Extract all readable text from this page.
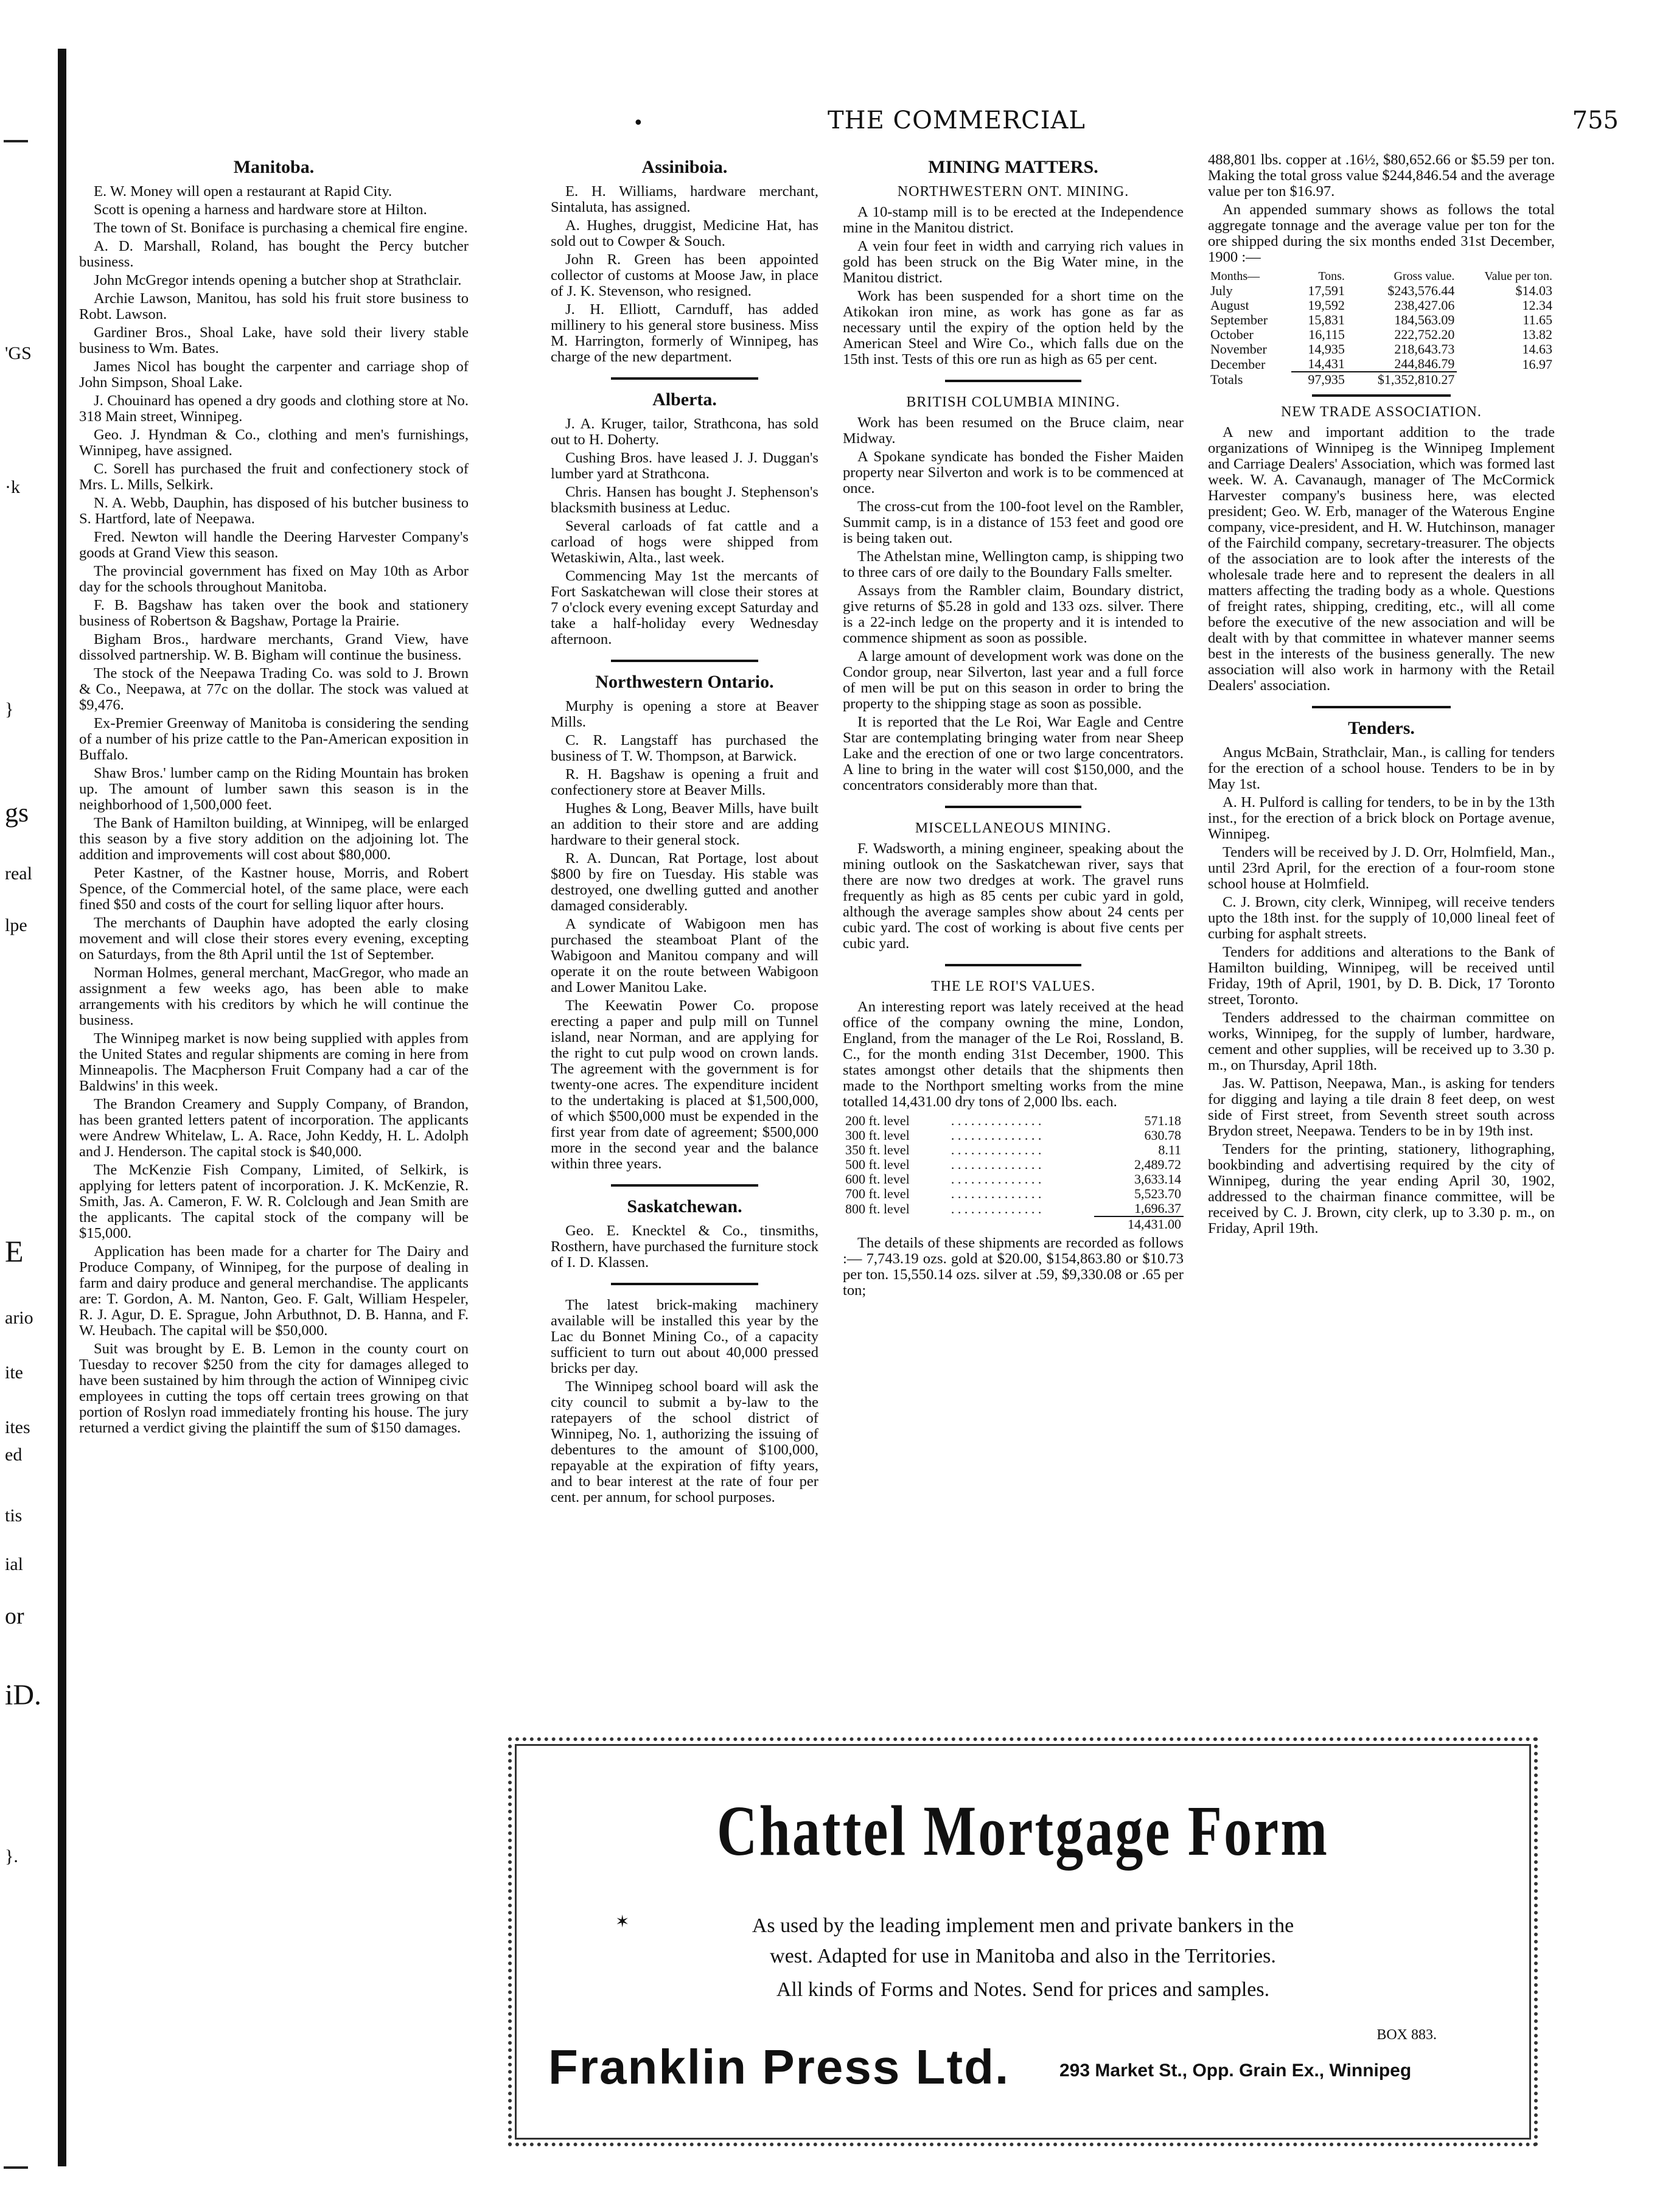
'GS
·k
}
gs
real
lpe
E
ario
ite
ites
ed
tis
ial
or
iD.
}.
•	THE COMMERCIAL	755
Manitoba.
E. W. Money will open a restaurant at Rapid City.
Scott is opening a harness and hardware store at Hilton.
The town of St. Boniface is purchasing a chemical fire engine.
A. D. Marshall, Roland, has bought the Percy butcher business.
John McGregor intends opening a butcher shop at Strathclair.
Archie Lawson, Manitou, has sold his fruit store business to Robt. Lawson.
Gardiner Bros., Shoal Lake, have sold their livery stable business to Wm. Bates.
James Nicol has bought the carpenter and carriage shop of John Simpson, Shoal Lake.
J. Chouinard has opened a dry goods and clothing store at No. 318 Main street, Winnipeg.
Geo. J. Hyndman & Co., clothing and men's furnishings, Winnipeg, have assigned.
C. Sorell has purchased the fruit and confectionery stock of Mrs. L. Mills, Selkirk.
N. A. Webb, Dauphin, has disposed of his butcher business to S. Hartford, late of Neepawa.
Fred. Newton will handle the Deering Harvester Company's goods at Grand View this season.
The provincial government has fixed on May 10th as Arbor day for the schools throughout Manitoba.
F. B. Bagshaw has taken over the book and stationery business of Robertson & Bagshaw, Portage la Prairie.
Bigham Bros., hardware merchants, Grand View, have dissolved partnership. W. B. Bigham will continue the business.
The stock of the Neepawa Trading Co. was sold to J. Brown & Co., Neepawa, at 77c on the dollar. The stock was valued at $9,476.
Ex-Premier Greenway of Manitoba is considering the sending of a number of his prize cattle to the Pan-American exposition in Buffalo.
Shaw Bros.' lumber camp on the Riding Mountain has broken up. The amount of lumber sawn this season is in the neighborhood of 1,500,000 feet.
The Bank of Hamilton building, at Winnipeg, will be enlarged this season by a five story addition on the adjoining lot. The addition and improvements will cost about $80,000.
Peter Kastner, of the Kastner house, Morris, and Robert Spence, of the Commercial hotel, of the same place, were each fined $50 and costs of the court for selling liquor after hours.
The merchants of Dauphin have adopted the early closing movement and will close their stores every evening, excepting on Saturdays, from the 8th April until the 1st of September.
Norman Holmes, general merchant, MacGregor, who made an assignment a few weeks ago, has been able to make arrangements with his creditors by which he will continue the business.
The Winnipeg market is now being supplied with apples from the United States and regular shipments are coming in here from Minneapolis. The Macpherson Fruit Company had a car of the Baldwins' in this week.
The Brandon Creamery and Supply Company, of Brandon, has been granted letters patent of incorporation. The applicants were Andrew Whitelaw, L. A. Race, John Keddy, H. L. Adolph and J. Henderson. The capital stock is $40,000.
The McKenzie Fish Company, Limited, of Selkirk, is applying for letters patent of incorporation. J. K. McKenzie, R. Smith, Jas. A. Cameron, F. W. R. Colclough and Jean Smith are the applicants. The capital stock of the company will be $15,000.
Application has been made for a charter for The Dairy and Produce Company, of Winnipeg, for the purpose of dealing in farm and dairy produce and general merchandise. The applicants are: T. Gordon, A. M. Nanton, Geo. F. Galt, William Hespeler, R. J. Agur, D. E. Sprague, John Arbuthnot, D. B. Hanna, and F. W. Heubach. The capital will be $50,000.
Suit was brought by E. B. Lemon in the county court on Tuesday to recover $250 from the city for damages alleged to have been sustained by him through the action of Winnipeg civic employees in cutting the tops off certain trees growing on that portion of Roslyn road immediately fronting his house. The jury returned a verdict giving the plaintiff the sum of $150 damages.
Assiniboia.
E. H. Williams, hardware merchant, Sintaluta, has assigned.
A. Hughes, druggist, Medicine Hat, has sold out to Cowper & Souch.
John R. Green has been appointed collector of customs at Moose Jaw, in place of J. K. Stevenson, who resigned.
J. H. Elliott, Carnduff, has added millinery to his general store business. Miss M. Harrington, formerly of Winnipeg, has charge of the new department.
Alberta.
J. A. Kruger, tailor, Strathcona, has sold out to H. Doherty.
Cushing Bros. have leased J. J. Duggan's lumber yard at Strathcona.
Chris. Hansen has bought J. Stephenson's blacksmith business at Leduc.
Several carloads of fat cattle and a carload of hogs were shipped from Wetaskiwin, Alta., last week.
Commencing May 1st the mercants of Fort Saskatchewan will close their stores at 7 o'clock every evening except Saturday and take a half-holiday every Wednesday afternoon.
Northwestern Ontario.
Murphy is opening a store at Beaver Mills.
C. R. Langstaff has purchased the business of T. W. Thompson, at Barwick.
R. H. Bagshaw is opening a fruit and confectionery store at Beaver Mills.
Hughes & Long, Beaver Mills, have built an addition to their store and are adding hardware to their general stock.
R. A. Duncan, Rat Portage, lost about $800 by fire on Tuesday. His stable was destroyed, one dwelling gutted and another damaged considerably.
A syndicate of Wabigoon men has purchased the steamboat Plant of the Wabigoon and Manitou company and will operate it on the route between Wabigoon and Lower Manitou Lake.
The Keewatin Power Co. propose erecting a paper and pulp mill on Tunnel island, near Norman, and are applying for the right to cut pulp wood on crown lands. The agreement with the government is for twenty-one acres. The expenditure incident to the undertaking is placed at $1,500,000, of which $500,000 must be expended in the first year from date of agreement; $500,000 more in the second year and the balance within three years.
Saskatchewan.
Geo. E. Knecktel & Co., tinsmiths, Rosthern, have purchased the furniture stock of I. D. Klassen.
The latest brick-making machinery available will be installed this year by the Lac du Bonnet Mining Co., of a capacity sufficient to turn out about 40,000 pressed bricks per day.
The Winnipeg school board will ask the city council to submit a by-law to the ratepayers of the school district of Winnipeg, No. 1, authorizing the issuing of debentures to the amount of $100,000, repayable at the expiration of fifty years, and to bear interest at the rate of four per cent. per annum, for school purposes.
MINING MATTERS.
NORTHWESTERN ONT. MINING.
A 10-stamp mill is to be erected at the Independence mine in the Manitou district.
A vein four feet in width and carrying rich values in gold has been struck on the Big Water mine, in the Manitou district.
Work has been suspended for a short time on the Atikokan iron mine, as work has gone as far as necessary until the expiry of the option held by the American Steel and Wire Co., which falls due on the 15th inst. Tests of this ore run as high as 65 per cent.
BRITISH COLUMBIA MINING.
Work has been resumed on the Bruce claim, near Midway.
A Spokane syndicate has bonded the Fisher Maiden property near Silverton and work is to be commenced at once.
The cross-cut from the 100-foot level on the Rambler, Summit camp, is in a distance of 153 feet and good ore is being taken out.
The Athelstan mine, Wellington camp, is shipping two to three cars of ore daily to the Boundary Falls smelter.
Assays from the Rambler claim, Boundary district, give returns of $5.28 in gold and 133 ozs. silver. There is a 22-inch ledge on the property and it is intended to commence shipment as soon as possible.
A large amount of development work was done on the Condor group, near Silverton, last year and a full force of men will be put on this season in order to bring the property to the shipping stage as soon as possible.
It is reported that the Le Roi, War Eagle and Centre Star are contemplating bringing water from near Sheep Lake and the erection of one or two large concentrators. A line to bring in the water will cost $150,000, and the concentrators considerably more than that.
MISCELLANEOUS MINING.
F. Wadsworth, a mining engineer, speaking about the mining outlook on the Saskatchewan river, says that there are now two dredges at work. The gravel runs frequently as high as 85 cents per cubic yard in gold, although the average samples show about 24 cents per cubic yard. The cost of working is about five cents per cubic yard.
THE LE ROI'S VALUES.
An interesting report was lately received at the head office of the company owning the mine, London, England, from the manager of the Le Roi, Rossland, B. C., for the month ending 31st December, 1900. This states amongst other details that the shipments then made to the Northport smelting works from the mine totalled 14,431.00 dry tons of 2,000 lbs. each.
200 ft. level	. . . . . . . . . . . . . .	571.18
300 ft. level	. . . . . . . . . . . . . .	630.78
350 ft. level	. . . . . . . . . . . . . .	8.11
500 ft. level	. . . . . . . . . . . . . .	2,489.72
600 ft. level	. . . . . . . . . . . . . .	3,633.14
700 ft. level	. . . . . . . . . . . . . .	5,523.70
800 ft. level	. . . . . . . . . . . . . .	1,696.37
		14,431.00
The details of these shipments are recorded as follows :— 7,743.19 ozs. gold at $20.00, $154,863.80 or $10.73 per ton. 15,550.14 ozs. silver at .59, $9,330.08 or .65 per ton;
488,801 lbs. copper at .16½, $80,652.66 or $5.59 per ton. Making the total gross value $244,846.54 and the average value per ton $16.97.
An appended summary shows as follows the total aggregate tonnage and the average value per ton for the ore shipped during the six months ended 31st December, 1900 :—
Months—	Tons.	Gross value.	Value per ton.
July	17,591	$243,576.44	$14.03
August	19,592	238,427.06	12.34
September	15,831	184,563.09	11.65
October	16,115	222,752.20	13.82
November	14,935	218,643.73	14.63
December	14,431	244,846.79	16.97
Totals	97,935	$1,352,810.27	
NEW TRADE ASSOCIATION.
A new and important addition to the trade organizations of Winnipeg is the Winnipeg Implement and Carriage Dealers' Association, which was formed last week. W. A. Cavanaugh, manager of The McCormick Harvester company's business here, was elected president; Geo. W. Erb, manager of the Waterous Engine company, vice-president, and H. W. Hutchinson, manager of the Fairchild company, secretary-treasurer. The objects of the association are to look after the interests of the wholesale trade here and to represent the dealers in all matters affecting the trading body as a whole. Questions of freight rates, shipping, crediting, etc., will all come before the executive of the new association and will be dealt with by that committee in whatever manner seems best in the interests of the business generally. The new association will also work in harmony with the Retail Dealers' association.
Tenders.
Angus McBain, Strathclair, Man., is calling for tenders for the erection of a school house. Tenders to be in by May 1st.
A. H. Pulford is calling for tenders, to be in by the 13th inst., for the erection of a brick block on Portage avenue, Winnipeg.
Tenders will be received by J. D. Orr, Holmfield, Man., until 23rd April, for the erection of a four-room stone school house at Holmfield.
C. J. Brown, city clerk, Winnipeg, will receive tenders upto the 18th inst. for the supply of 10,000 lineal feet of curbing for asphalt streets.
Tenders for additions and alterations to the Bank of Hamilton building, Winnipeg, will be received until Friday, 19th of April, 1901, by D. B. Dick, 17 Toronto street, Toronto.
Tenders addressed to the chairman committee on works, Winnipeg, for the supply of lumber, hardware, cement and other supplies, will be received up to 3.30 p. m., on Thursday, April 18th.
Jas. W. Pattison, Neepawa, Man., is asking for tenders for digging and laying a tile drain 8 feet deep, on west side of First street, from Seventh street south across Brydon street, Neepawa. Tenders to be in by 19th inst.
Tenders for the printing, stationery, lithographing, bookbinding and advertising required by the city of Winnipeg, during the year ending April 30, 1902, addressed to the chairman finance committee, will be received by C. J. Brown, city clerk, up to 3.30 p. m., on Friday, April 19th.
Chattel Mortgage Form
✶	As used by the leading implement men and private bankers in the
west. Adapted for use in Manitoba and also in the Territories.
All kinds of Forms and Notes. Send for prices and samples.
BOX 883.
Franklin Press Ltd.	293 Market St., Opp. Grain Ex., Winnipeg
